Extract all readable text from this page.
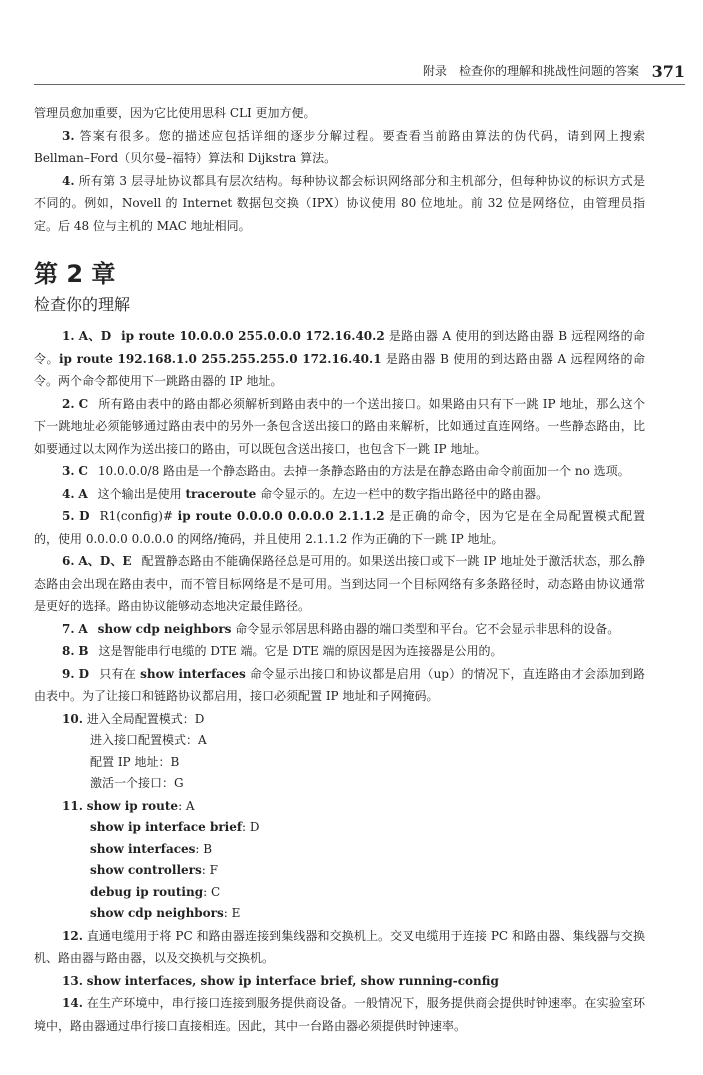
附录　检查你的理解和挑战性问题的答案 371

管理员愈加重要，因为它比使用思科 CLI 更加方便。

3. 答案有很多。您的描述应包括详细的逐步分解过程。要查看当前路由算法的伪代码，请到网上搜索 Bellman–Ford（贝尔曼–福特）算法和 Dijkstra 算法。

4. 所有第 3 层寻址协议都具有层次结构。每种协议都会标识网络部分和主机部分，但每种协议的标识方式是不同的。例如，Novell 的 Internet 数据包交换（IPX）协议使用 80 位地址。前 32 位是网络位，由管理员指定。后 48 位与主机的 MAC 地址相同。

第 2 章
检查你的理解

1. A、D ip route 10.0.0.0 255.0.0.0 172.16.40.2 是路由器 A 使用的到达路由器 B 远程网络的命令。ip route 192.168.1.0 255.255.255.0 172.16.40.1 是路由器 B 使用的到达路由器 A 远程网络的命令。两个命令都使用下一跳路由器的 IP 地址。

2. C 所有路由表中的路由都必须解析到路由表中的一个送出接口。如果路由只有下一跳 IP 地址，那么这个下一跳地址必须能够通过路由表中的另外一条包含送出接口的路由来解析，比如通过直连网络。一些静态路由，比如要通过以太网作为送出接口的路由，可以既包含送出接口，也包含下一跳 IP 地址。

3. C 10.0.0.0/8 路由是一个静态路由。去掉一条静态路由的方法是在静态路由命令前面加一个 no 选项。

4. A 这个输出是使用 traceroute 命令显示的。左边一栏中的数字指出路径中的路由器。

5. D R1(config)# ip route 0.0.0.0 0.0.0.0 2.1.1.2 是正确的命令，因为它是在全局配置模式配置的，使用 0.0.0.0 0.0.0.0 的网络/掩码，并且使用 2.1.1.2 作为正确的下一跳 IP 地址。

6. A、D、E 配置静态路由不能确保路径总是可用的。如果送出接口或下一跳 IP 地址处于激活状态，那么静态路由会出现在路由表中，而不管目标网络是不是可用。当到达同一个目标网络有多条路径时，动态路由协议通常是更好的选择。路由协议能够动态地决定最佳路径。

7. A show cdp neighbors 命令显示邻居思科路由器的端口类型和平台。它不会显示非思科的设备。

8. B 这是智能串行电缆的 DTE 端。它是 DTE 端的原因是因为连接器是公用的。

9. D 只有在 show interfaces 命令显示出接口和协议都是启用（up）的情况下，直连路由才会添加到路由表中。为了让接口和链路协议都启用，接口必须配置 IP 地址和子网掩码。

10. 进入全局配置模式：D

进入接口配置模式：A
配置 IP 地址：B
激活一个接口：G

11. show ip route: A

show ip interface brief: D
show interfaces: B
show controllers: F
debug ip routing: C
show cdp neighbors: E

12. 直通电缆用于将 PC 和路由器连接到集线器和交换机上。交叉电缆用于连接 PC 和路由器、集线器与交换机、路由器与路由器，以及交换机与交换机。

13. show interfaces, show ip interface brief, show running-config

14. 在生产环境中，串行接口连接到服务提供商设备。一般情况下，服务提供商会提供时钟速率。在实验室环境中，路由器通过串行接口直接相连。因此，其中一台路由器必须提供时钟速率。
